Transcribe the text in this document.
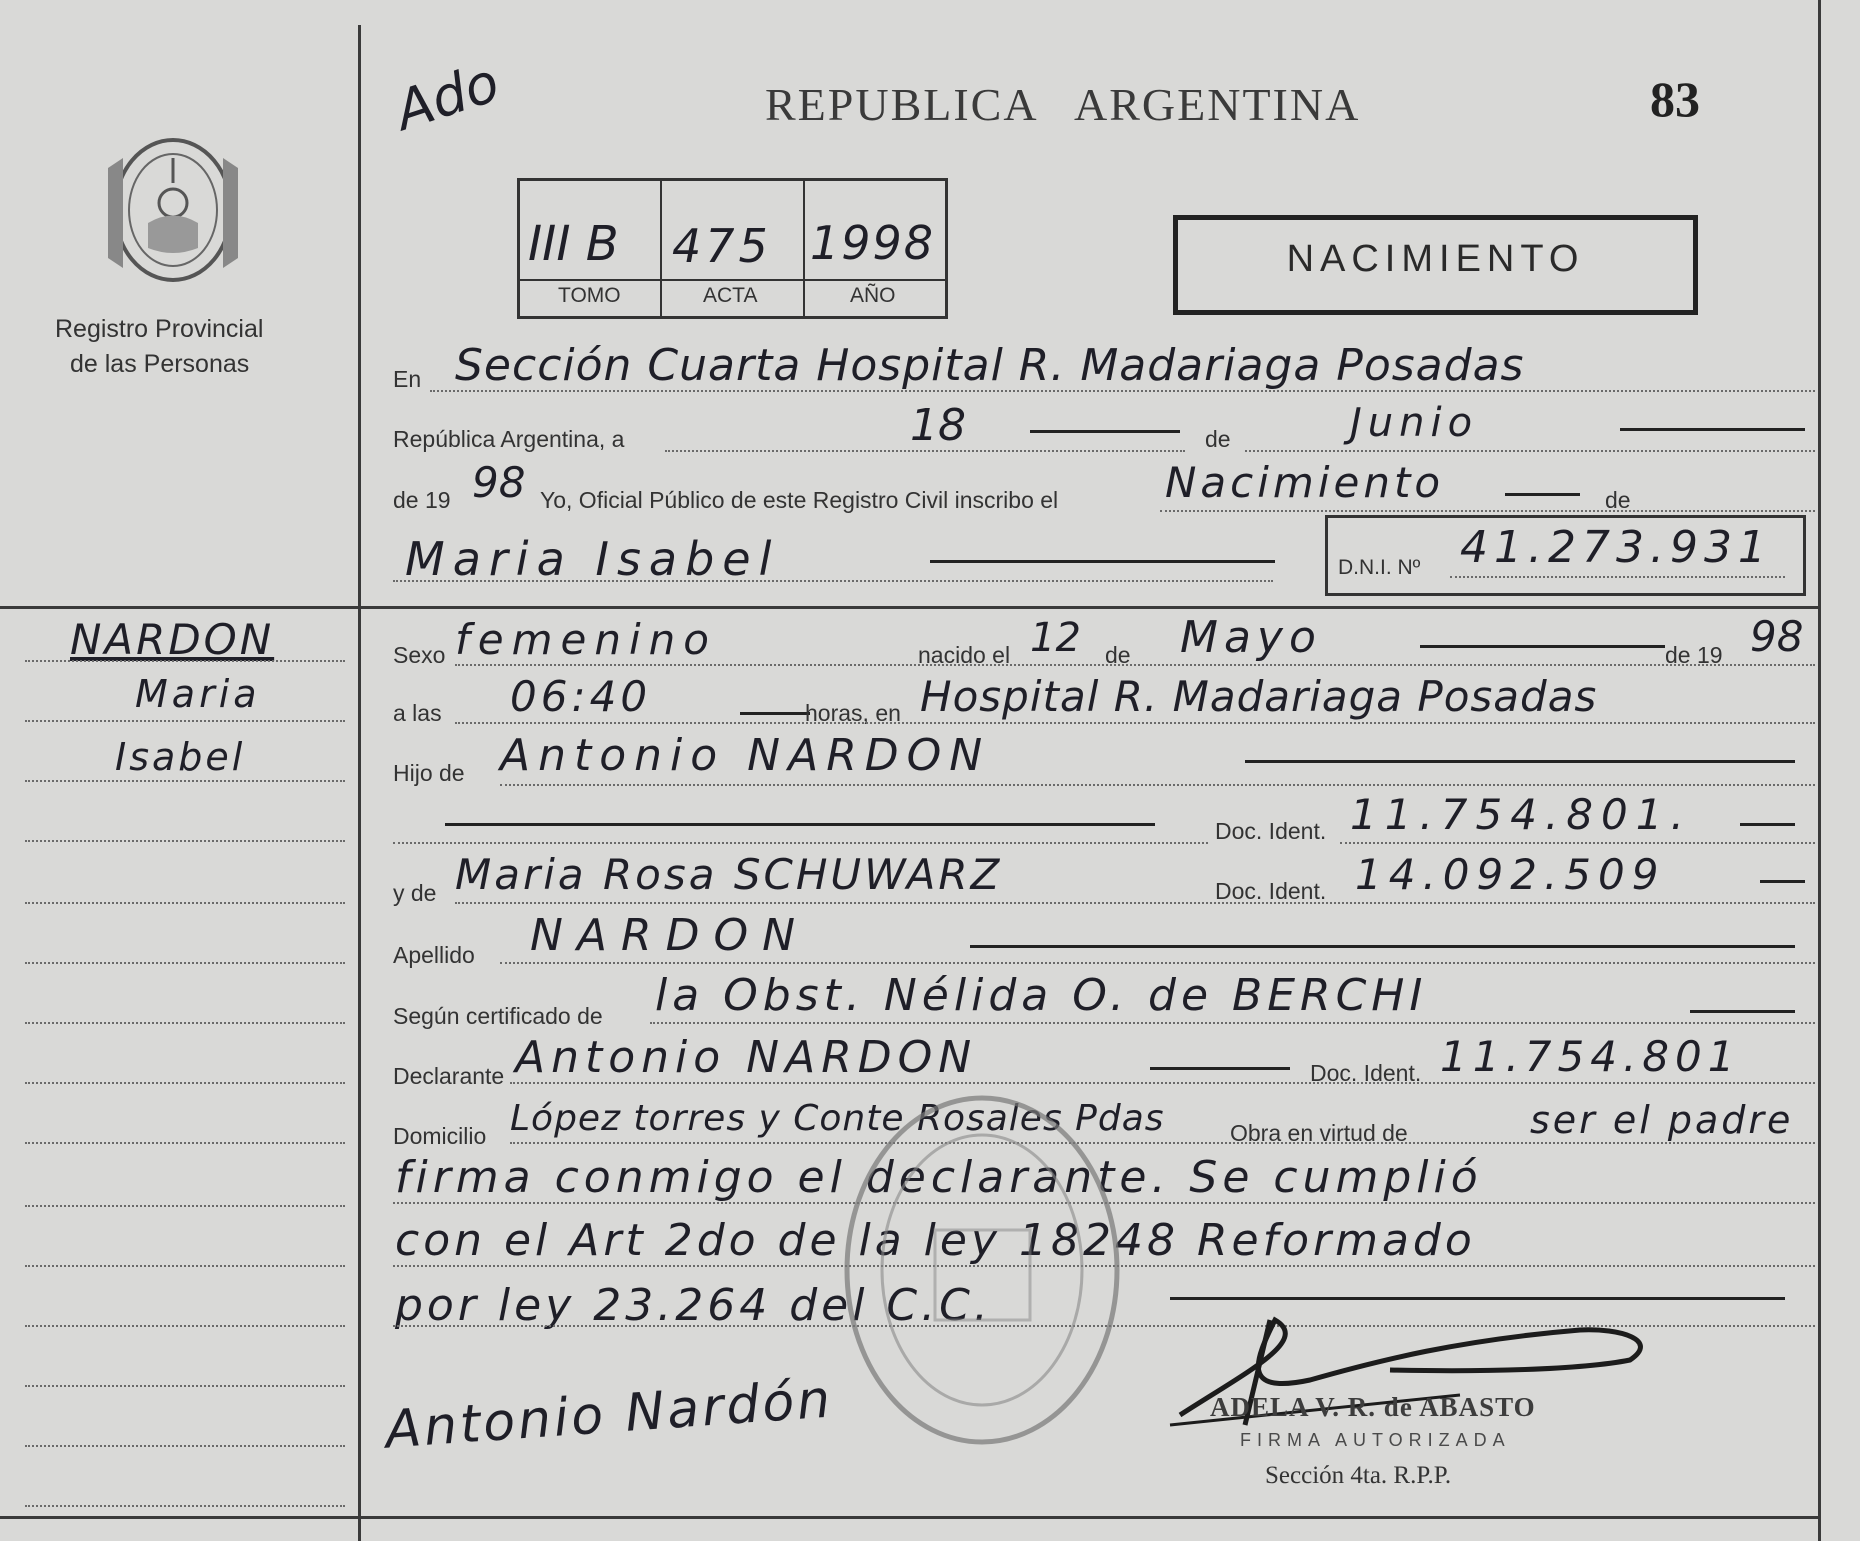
Registro Provincial
de las Personas
NARDON
Maria
Isabel
Ado	REPUBLICA   ARGENTINA	83
III B 475 1998
TOMO	ACTA	AÑO
NACIMIENTO
En Sección Cuarta Hospital R. Madariaga Posadas
República Argentina, a	18	de	Junio
de 19 98 Yo, Oficial Público de este Registro Civil inscribo el	Nacimiento	de
Maria Isabel	D.N.I. Nº 41.273.931
Sexo femenino	nacido el 12 de Mayo	de 19 98
a las 06:40	horas, en Hospital R. Madariaga Posadas
Hijo de Antonio NARDON
Doc. Ident. 11.754.801.
y de Maria Rosa SCHUWARZ	Doc. Ident. 14.092.509
Apellido NARDON
Según certificado de la Obst. Nélida O. de BERCHI
Declarante Antonio NARDON	Doc. Ident. 11.754.801
Domicilio López torres y Conte Rosales Pdas	Obra en virtud de	ser el padre
firma conmigo el declarante. Se cumplió
con el Art 2do de la ley 18248 Reformado
por ley 23.264 del C.C.
Antonio Nardón	ADELA V. R. de ABASTO
FIRMA AUTORIZADA
Sección 4ta. R.P.P.
